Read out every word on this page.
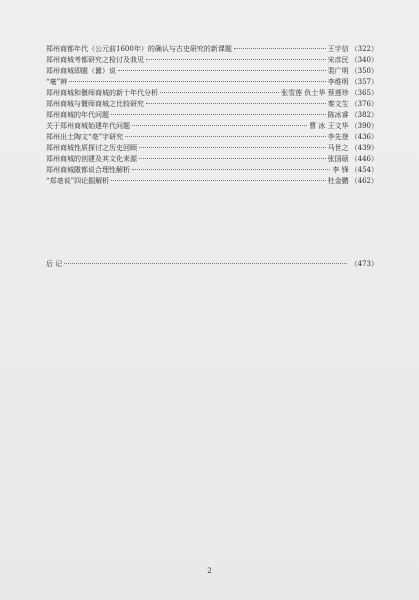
郑州商都年代（公元前1600年）的确认与古史研究的新课题	王宇信 （322）
郑州商城考都研究之检讨及我见	宋彦民 （340）
郑州商城即隞（囂）说	裴广明 （350）
“毫”辨	李维明 （357）
郑州商城和偃师商城的新十年代分析	张雪莲 仇士华 蔡莲珍 （365）
郑州商城与偃师商城之比较研究	秦文生 （376）
郑州商城的年代问题	陈冰睿 （382）
关于郑州商城始建年代问题	曹 冰 王文华 （390）
郑州出土陶文“亳”字研究	李先登 （436）
郑州商城性质探讨之历史回顾	马世之 （439）
郑州商城的创建及其文化来源	张国硕 （446）
郑州商城隞都说合理性解析	李 锋 （454）
“郑亳说”四论掘解析	杜金鹏 （462）
后 记	（473）
2
